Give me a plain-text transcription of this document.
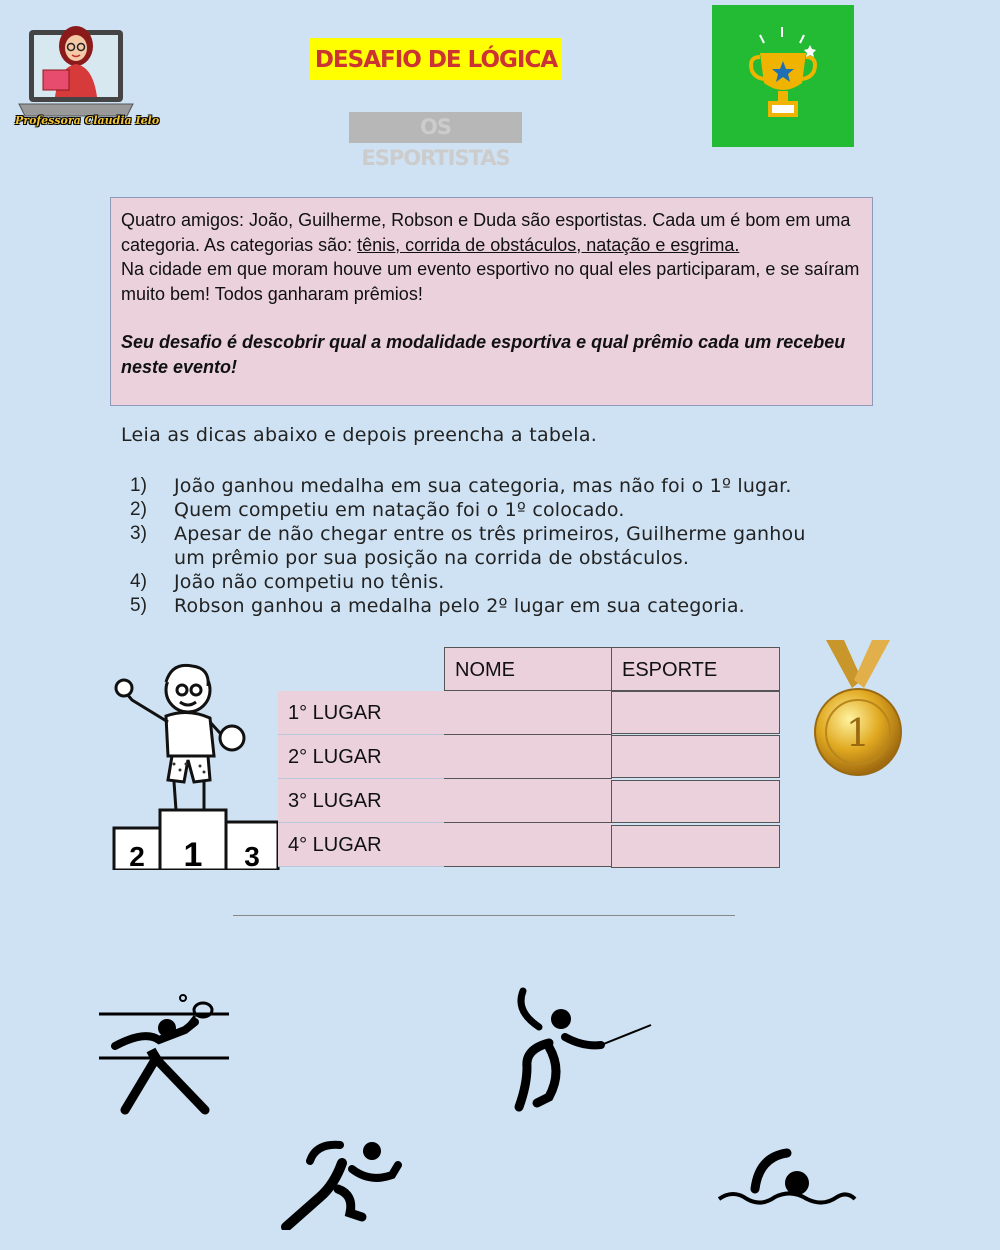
Professora Claudia Ielo
DESAFIO DE LÓGICA
OS ESPORTISTAS

Quatro amigos: João, Guilherme, Robson e Duda são esportistas. Cada um é bom em uma categoria. As categorias são: tênis, corrida de obstáculos, natação e esgrima.

Na cidade em que moram houve um evento esportivo no qual eles participaram, e se saíram muito bem! Todos ganharam prêmios!

Seu desafio é descobrir qual a modalidade esportiva e qual prêmio cada um recebeu neste evento!

Leia as dicas abaixo e depois preencha a tabela.
1)	João ganhou medalha em sua categoria, mas não foi o 1º lugar.
2)	Quem competiu em natação foi o 1º colocado.
3)	Apesar de não chegar entre os três primeiros, Guilherme ganhou um prêmio por sua posição na corrida de obstáculos.
4)	João não competiu no tênis.
5)	Robson ganhou a medalha pelo 2º lugar em sua categoria.
1
2	3
NOME	ESPORTE
1° LUGAR
2° LUGAR
3° LUGAR
4° LUGAR
1
